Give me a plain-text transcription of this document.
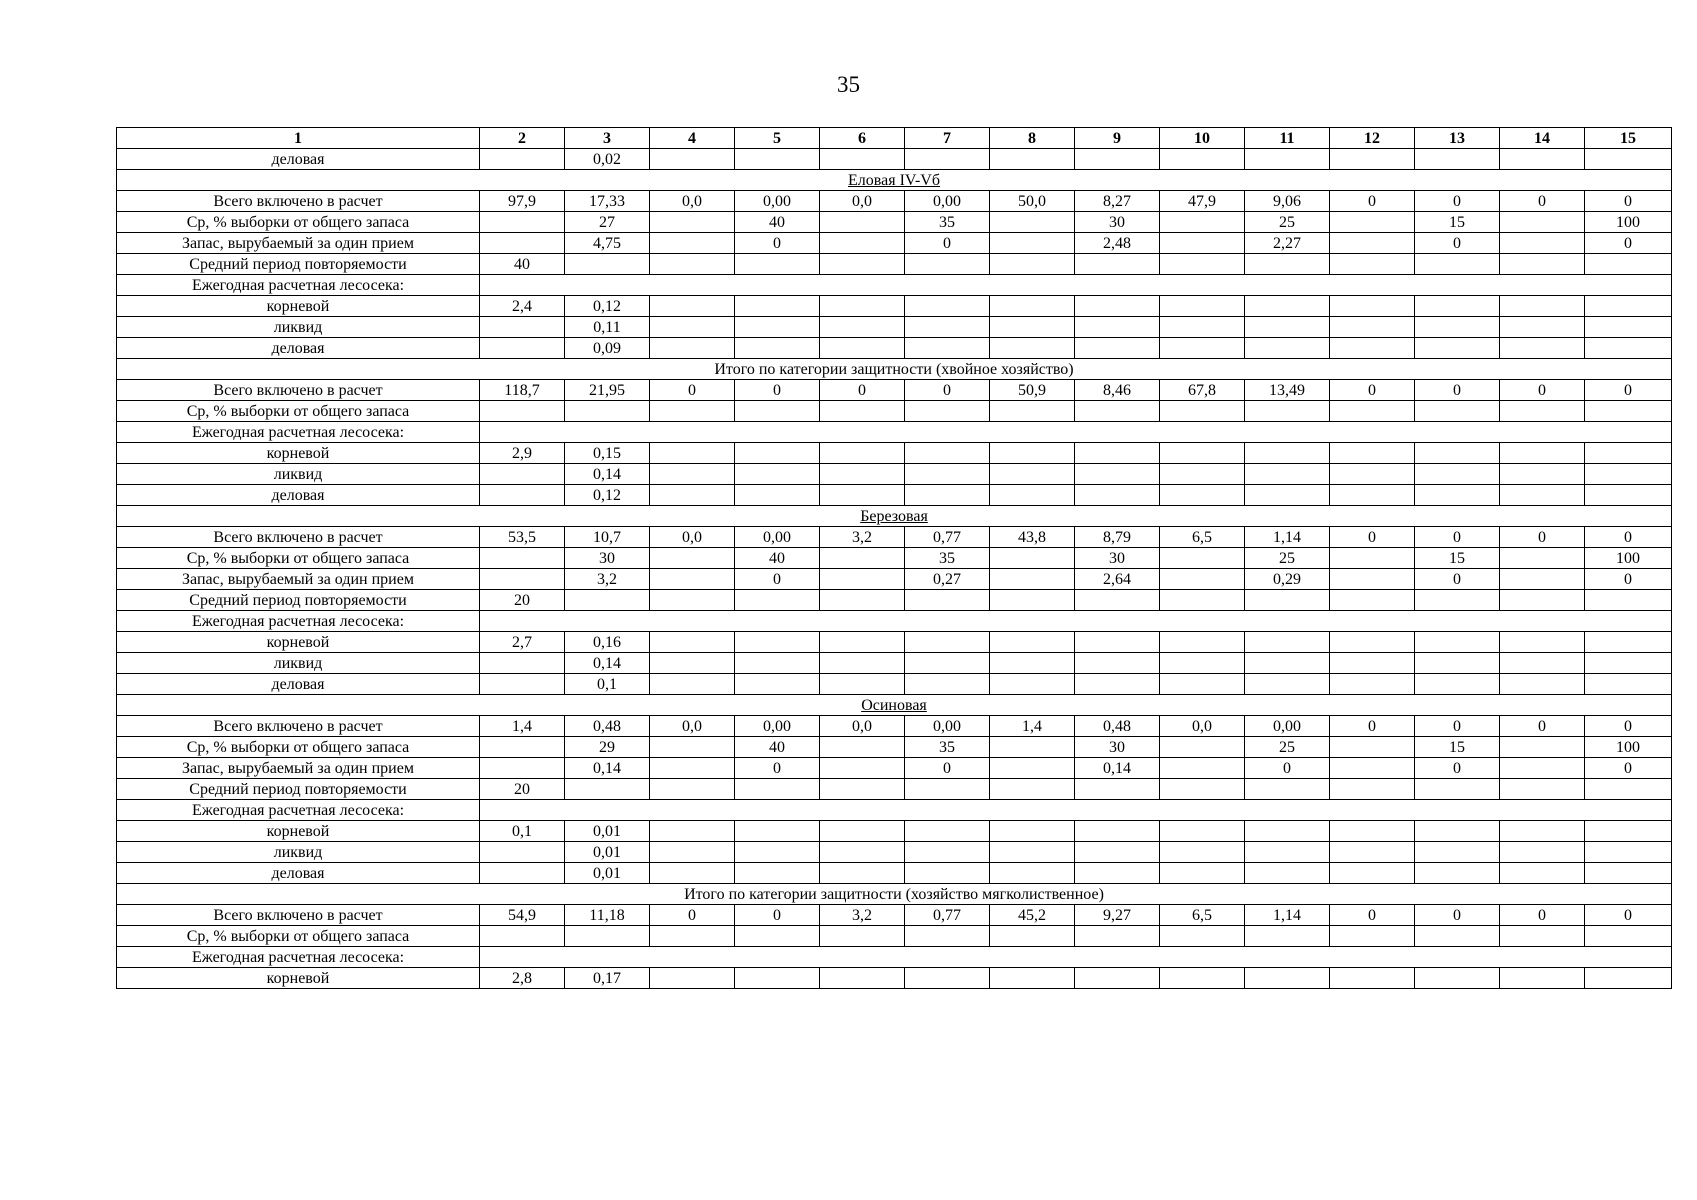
35
1	2	3	4	5	6	7	8	9	10	11	12	13	14	15
деловая		0,02												
Еловая IV-Vб														
Всего включено в расчет	97,9	17,33	0,0	0,00	0,0	0,00	50,0	8,27	47,9	9,06	0	0	0	0
Ср, % выборки от общего запаса		27		40		35		30		25		15		100
Запас, вырубаемый за один прием		4,75		0		0		2,48		2,27		0		0
Средний период повторяемости	40													
Ежегодная расчетная лесосека:														
корневой	2,4	0,12												
ликвид		0,11												
деловая		0,09												
Итого по категории защитности (хвойное хозяйство)														
Всего включено в расчет	118,7	21,95	0	0	0	0	50,9	8,46	67,8	13,49	0	0	0	0
Ср, % выборки от общего запаса														
Ежегодная расчетная лесосека:														
корневой	2,9	0,15												
ликвид		0,14												
деловая		0,12												
Березовая														
Всего включено в расчет	53,5	10,7	0,0	0,00	3,2	0,77	43,8	8,79	6,5	1,14	0	0	0	0
Ср, % выборки от общего запаса		30		40		35		30		25		15		100
Запас, вырубаемый за один прием		3,2		0		0,27		2,64		0,29		0		0
Средний период повторяемости	20													
Ежегодная расчетная лесосека:														
корневой	2,7	0,16												
ликвид		0,14												
деловая		0,1												
Осиновая														
Всего включено в расчет	1,4	0,48	0,0	0,00	0,0	0,00	1,4	0,48	0,0	0,00	0	0	0	0
Ср, % выборки от общего запаса		29		40		35		30		25		15		100
Запас, вырубаемый за один прием		0,14		0		0		0,14		0		0		0
Средний период повторяемости	20													
Ежегодная расчетная лесосека:														
корневой	0,1	0,01												
ликвид		0,01												
деловая		0,01												
Итого по категории защитности (хозяйство мягколиственное)														
Всего включено в расчет	54,9	11,18	0	0	3,2	0,77	45,2	9,27	6,5	1,14	0	0	0	0
Ср, % выборки от общего запаса														
Ежегодная расчетная лесосека:														
корневой	2,8	0,17												
